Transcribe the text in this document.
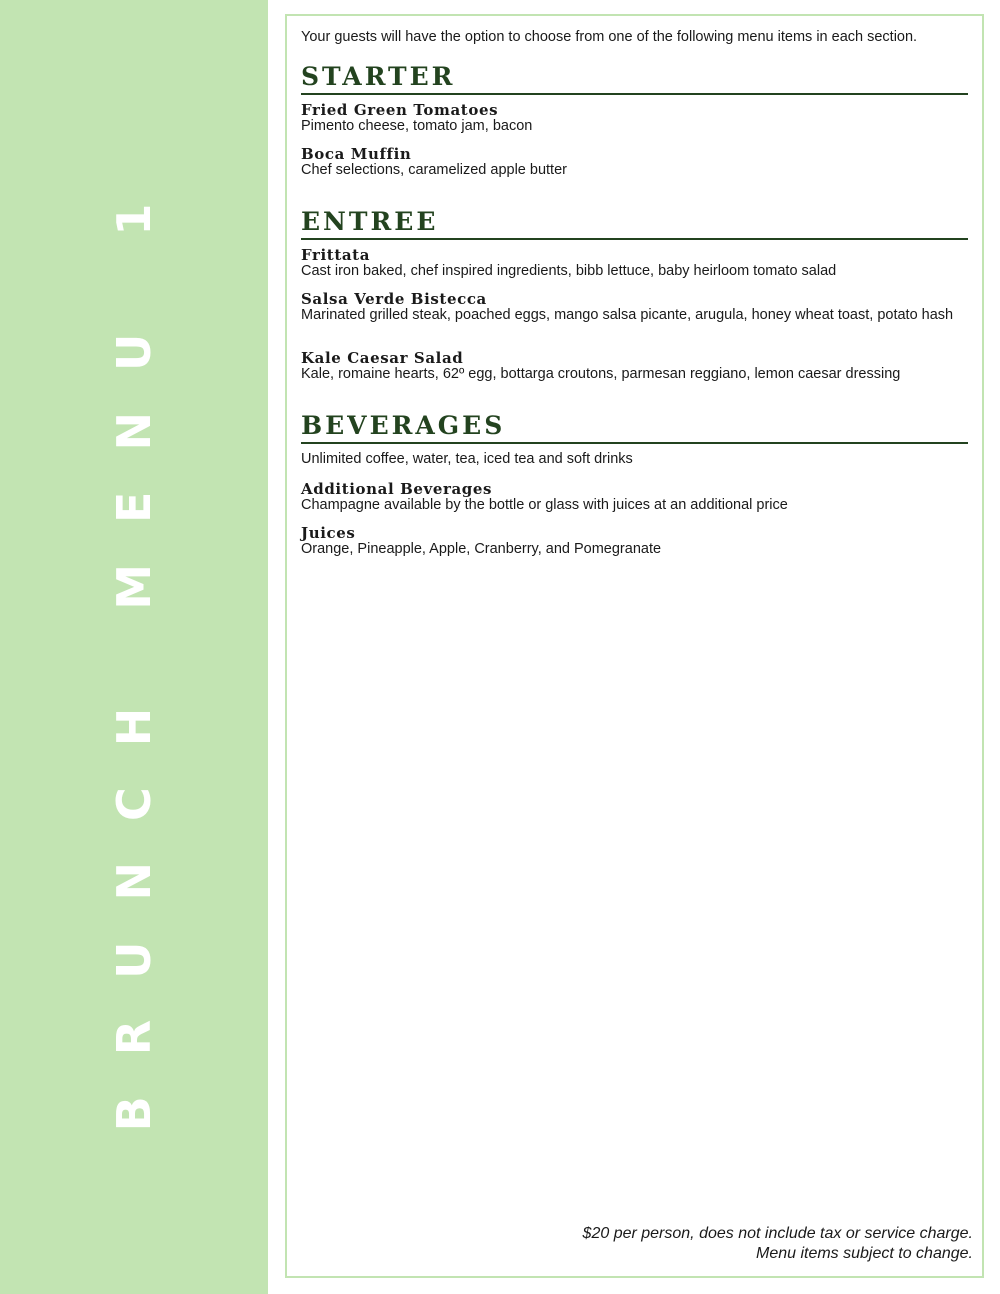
BRUNCH MENU 1
Your guests will have the option to choose from one of the following menu items in each section.
STARTER
Fried Green Tomatoes
Pimento cheese, tomato jam, bacon
Boca Muffin
Chef selections, caramelized apple butter
ENTREE
Frittata
Cast iron baked, chef inspired ingredients, bibb lettuce, baby heirloom tomato salad
Salsa Verde Bistecca
Marinated grilled steak, poached eggs, mango salsa picante, arugula, honey wheat toast, potato hash
Kale Caesar Salad
Kale, romaine hearts, 62º egg, bottarga croutons, parmesan reggiano, lemon caesar dressing
BEVERAGES
Unlimited coffee, water, tea, iced tea and soft drinks
Additional Beverages
Champagne available by the bottle or glass with juices at an additional price
Juices
Orange, Pineapple, Apple, Cranberry, and Pomegranate
$20 per person, does not include tax or service charge.
Menu items subject to change.
